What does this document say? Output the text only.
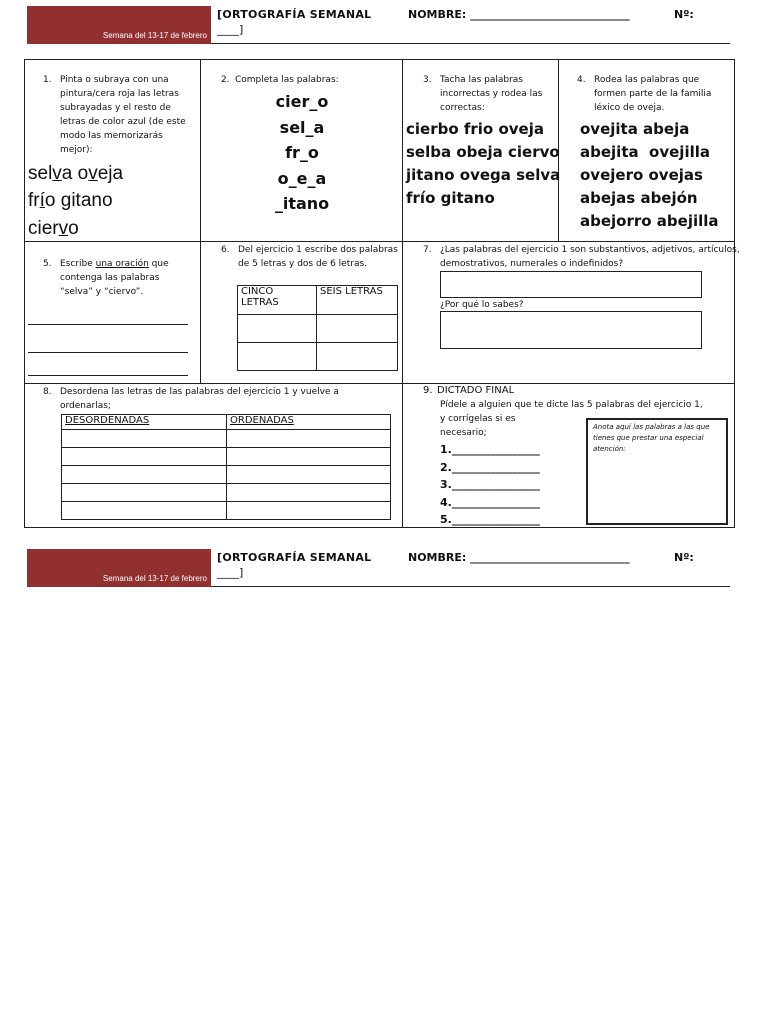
Semana del 13-17 de febrero
[ORTOGRAFÍA SEMANAL
____]
NOMBRE: _____________________________	Nº:
1. Pinta o subraya con una pintura/cera roja las letras subrayadas y el resto de letras de color azul (de este modo las memorizarás mejor):
selva oveja
frío gitano
ciervo
2. Completa las palabras:
cier_o
sel_a
fr_o
o_e_a
_itano
3. Tacha las palabras incorrectas y rodea las correctas:
cierbo frio oveja
selba obeja ciervo
jitano ovega selva
frío gitano
4. Rodea las palabras que formen parte de la familia léxico de oveja.
ovejita abeja
abejita  ovejilla
ovejero ovejas
abejas abejón
abejorro abejilla
5. Escribe una oración que contenga las palabras “selva” y “ciervo”.
6. Del ejercicio 1 escribe dos palabras de 5 letras y dos de 6 letras.
CINCO LETRAS	SEIS LETRAS

7. ¿Las palabras del ejercicio 1 son substantivos, adjetivos, artículos, demostrativos, numerales o indefinidos?
¿Por qué lo sabes?
8. Desordena las letras de las palabras del ejercicio 1 y vuelve a ordenarlas;
DESORDENADAS	ORDENADAS

9. DICTADO FINAL
Pídele a alguien que te dicte las 5 palabras del ejercicio 1,
y corrígelas si es necesario;
1.________________
2.________________
3.________________
4.________________
5.________________
Anota aquí las palabras a las que tienes que prestar una especial atención:
Semana del 13-17 de febrero
[ORTOGRAFÍA SEMANAL
____]
NOMBRE: _____________________________	Nº:
